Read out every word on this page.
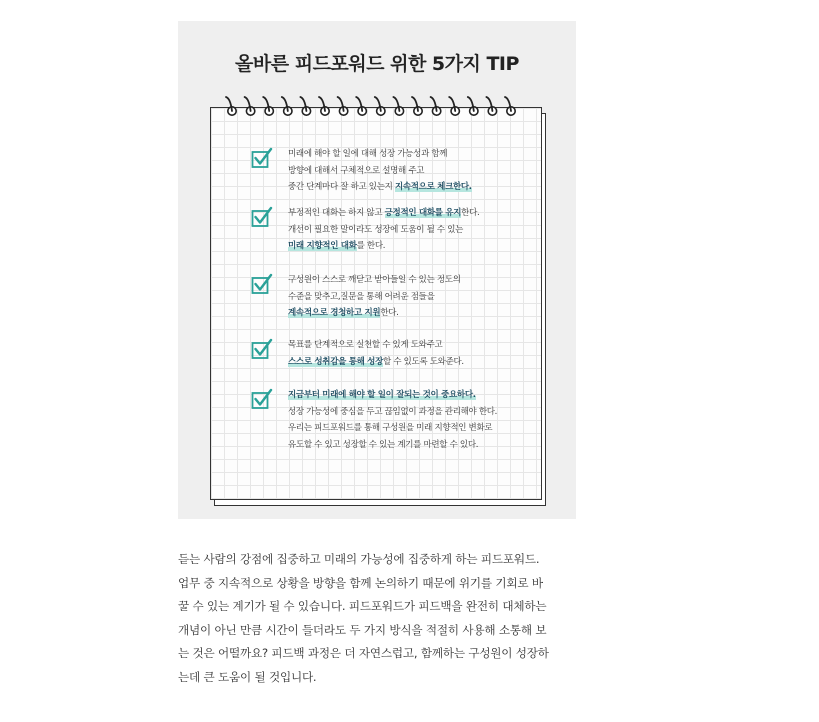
올바른 피드포워드 위한 5가지 TIP
미래에 해야 할 일에 대해 성장 가능성과 함께
방향에 대해서 구체적으로 설명해 주고
중간 단계마다 잘 하고 있는지 지속적으로 체크한다.
부정적인 대화는 하지 않고 긍정적인 대화를 유지한다.
개선이 필요한 말이라도 성장에 도움이 될 수 있는
미래 지향적인 대화를 한다.
구성원이 스스로 깨닫고 받아들일 수 있는 정도의
수준을 맞추고,질문을 통해 어려운 점들을
계속적으로 경청하고 지원한다.
목표를 단계적으로 실천할 수 있게 도와주고
스스로 성취감을 통해 성장할 수 있도록 도와준다.
지금부터 미래에 해야 할 일이 잘되는 것이 중요하다.
성장 가능성에 중심을 두고 끊임없이 과정을 관리해야 한다.
우리는 피드포워드를 통해 구성원을 미래 지향적인 변화로
유도할 수 있고 성장할 수 있는 계기를 마련할 수 있다.
듣는 사람의 강점에 집중하고 미래의 가능성에 집중하게 하는 피드포워드.
업무 중 지속적으로 상황을 방향을 함께 논의하기 때문에 위기를 기회로 바
꿀 수 있는 계기가 될 수 있습니다. 피드포워드가 피드백을 완전히 대체하는
개념이 아닌 만큼 시간이 들더라도 두 가지 방식을 적절히 사용해 소통해 보
는 것은 어떨까요? 피드백 과정은 더 자연스럽고, 함께하는 구성원이 성장하
는데 큰 도움이 될 것입니다.
